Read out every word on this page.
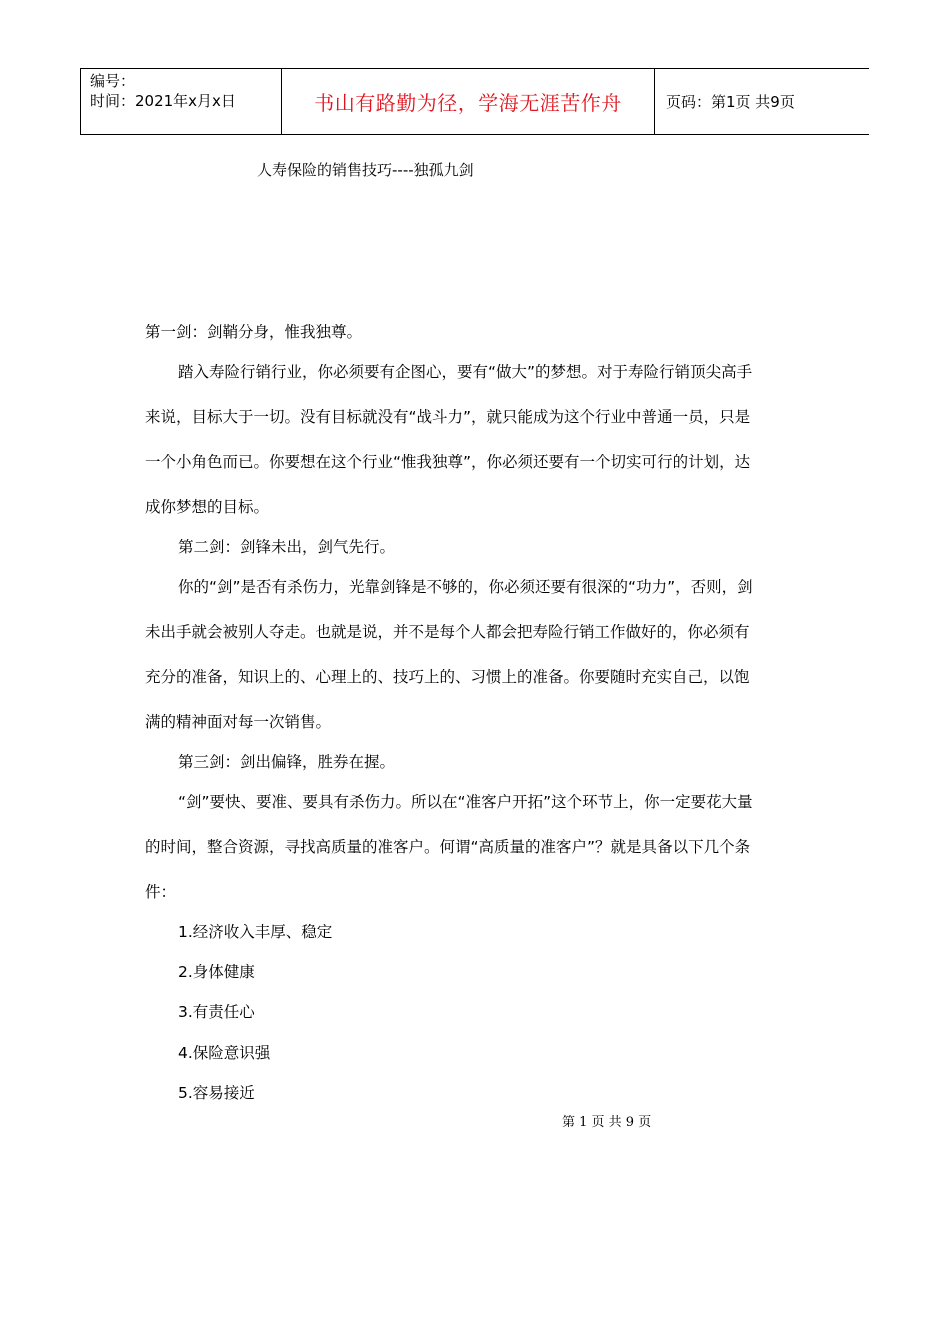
编号：
时间：2021年x月x日	书山有路勤为径，学海无涯苦作舟	页码：第1页 共9页
人寿保险的销售技巧----独孤九剑
第一剑：剑鞘分身，惟我独尊。
踏入寿险行销行业，你必须要有企图心，要有“做大”的梦想。对于寿险行销顶尖高手
来说，目标大于一切。没有目标就没有“战斗力”，就只能成为这个行业中普通一员，只是
一个小角色而已。你要想在这个行业“惟我独尊”，你必须还要有一个切实可行的计划，达
成你梦想的目标。
第二剑：剑锋未出，剑气先行。
你的“剑”是否有杀伤力，光靠剑锋是不够的，你必须还要有很深的“功力”，否则，剑
未出手就会被别人夺走。也就是说，并不是每个人都会把寿险行销工作做好的，你必须有
充分的准备，知识上的、心理上的、技巧上的、习惯上的准备。你要随时充实自己，以饱
满的精神面对每一次销售。
第三剑：剑出偏锋，胜券在握。
“剑”要快、要准、要具有杀伤力。所以在“准客户开拓”这个环节上，你一定要花大量
的时间，整合资源，寻找高质量的准客户。何谓“高质量的准客户”？就是具备以下几个条
件：
1.经济收入丰厚、稳定
2.身体健康
3.有责任心
4.保险意识强
5.容易接近
第 1 页 共 9 页
